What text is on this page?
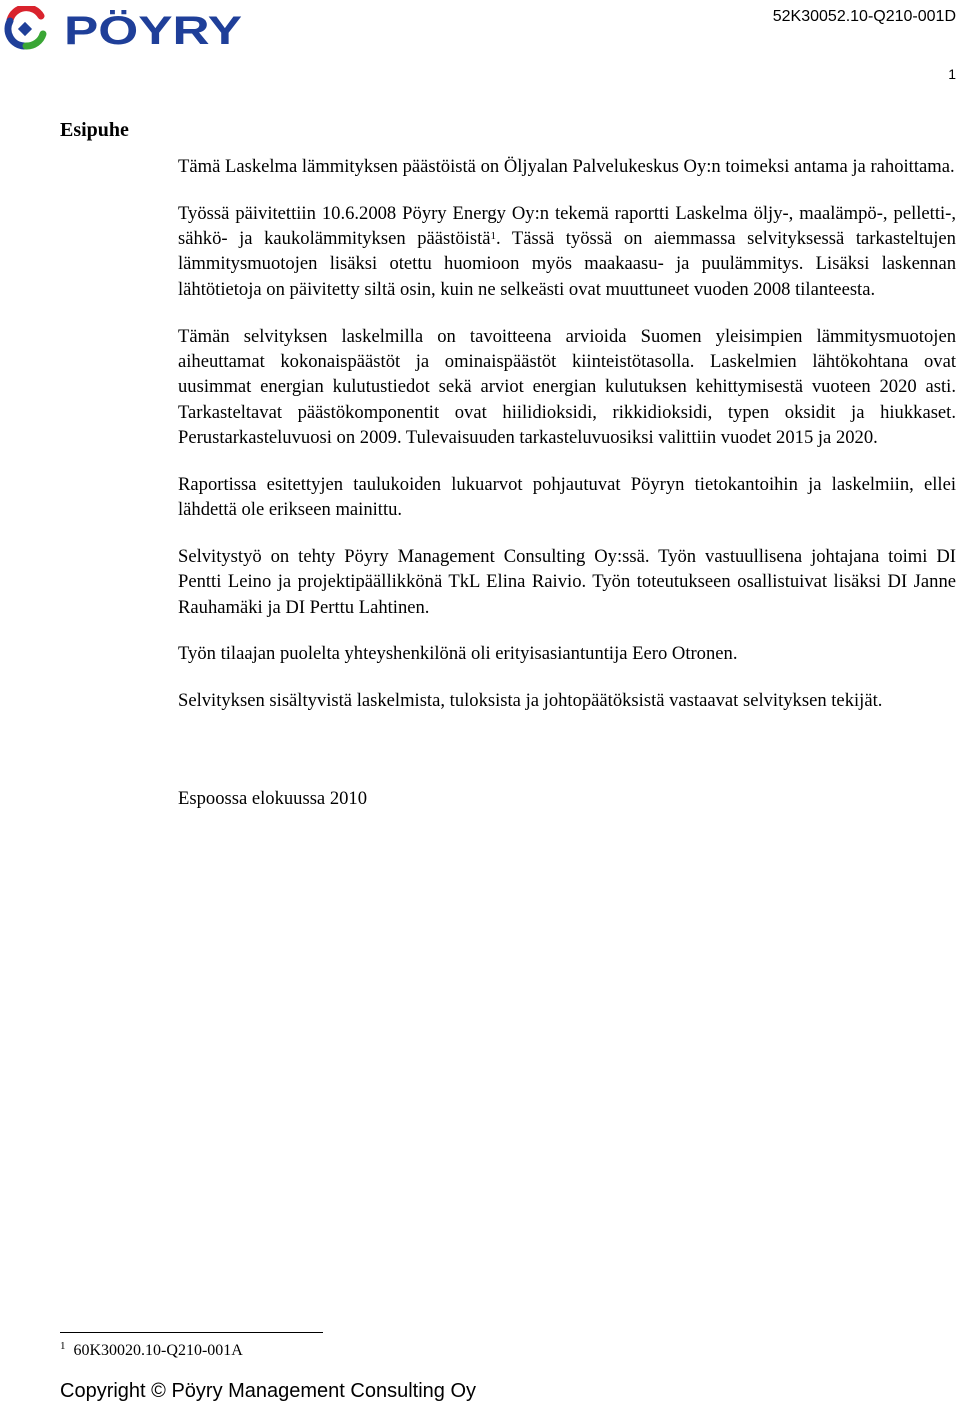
PÖYRY	52K30052.10-Q210-001D
1
Esipuhe

Tämä Laskelma lämmityksen päästöistä on Öljyalan Palvelukeskus Oy:n toimeksi antama ja rahoittama.

Työssä päivitettiin 10.6.2008 Pöyry Energy Oy:n tekemä raportti Laskelma öljy-, maalämpö-, pelletti-, sähkö- ja kaukolämmityksen päästöistä$^1$. Tässä työssä on aiemmassa selvityksessä tarkasteltujen lämmitysmuotojen lisäksi otettu huomioon myös maakaasu- ja puulämmitys. Lisäksi laskennan lähtötietoja on päivitetty siltä osin, kuin ne selkeästi ovat muuttuneet vuoden 2008 tilanteesta.

Tämän selvityksen laskelmilla on tavoitteena arvioida Suomen yleisimpien lämmitysmuotojen aiheuttamat kokonaispäästöt ja ominaispäästöt kiinteistötasolla. Laskelmien lähtökohtana ovat uusimmat energian kulutustiedot sekä arviot energian kulutuksen kehittymisestä vuoteen 2020 asti. Tarkasteltavat päästökomponentit ovat hiilidioksidi, rikkidioksidi, typen oksidit ja hiukkaset. Perustarkasteluvuosi on 2009. Tulevaisuuden tarkasteluvuosiksi valittiin vuodet 2015 ja 2020.

Raportissa esitettyjen taulukoiden lukuarvot pohjautuvat Pöyryn tietokantoihin ja laskelmiin, ellei lähdettä ole erikseen mainittu.

Selvitystyö on tehty Pöyry Management Consulting Oy:ssä. Työn vastuullisena johtajana toimi DI Pentti Leino ja projektipäällikkönä TkL Elina Raivio. Työn toteutukseen osallistuivat lisäksi DI Janne Rauhamäki ja DI Perttu Lahtinen.

Työn tilaajan puolelta yhteyshenkilönä oli erityisasiantuntija Eero Otronen.

Selvityksen sisältyvistä laskelmista, tuloksista ja johtopäätöksistä vastaavat selvityksen tekijät.

Espoossa elokuussa 2010

$^1$ 60K30020.10-Q210-001A
Copyright © Pöyry Management Consulting Oy
